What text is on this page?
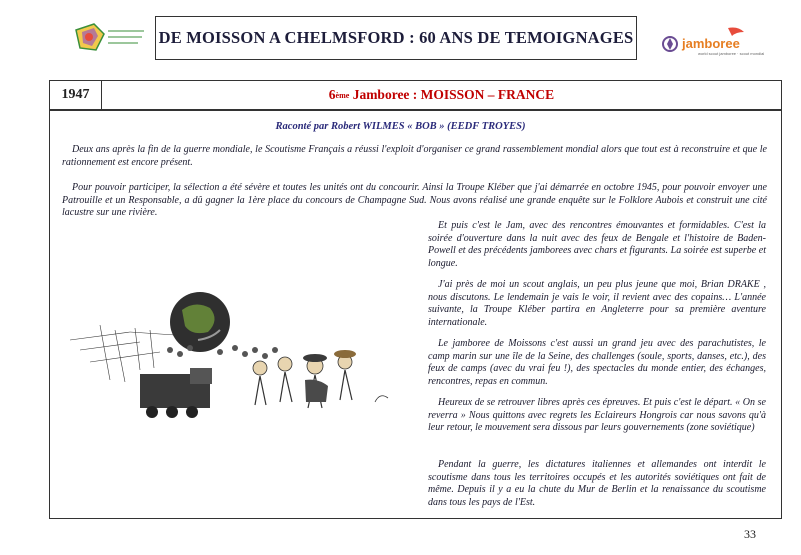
DE MOISSON A CHELMSFORD : 60 ANS DE TEMOIGNAGES	jamboree
world scout jamboree · scout mondial
1947	6 ème Jamboree : MOISSON – FRANCE
Raconté par Robert WILMES « BOB » (EEDF TROYES)

Deux ans après la fin de la guerre mondiale, le Scoutisme Français a réussi l'exploit d'organiser ce grand rassemblement mondial alors que tout est à reconstruire et que le rationnement est encore présent.

Pour pouvoir participer, la sélection a été sévère et toutes les unités ont du concourir. Ainsi la Troupe Kléber que j'ai démarrée en octobre 1945, pour pouvoir envoyer une Patrouille et un Responsable, a dû gagner la 1ère place du concours de Champagne Sud. Nous avons réalisé une grande enquête sur le Folklore Aubois et construit une cité lacustre sur une rivière.

Et puis c'est le Jam, avec des rencontres émouvantes et formidables. C'est la soirée d'ouverture dans la nuit avec des feux de Bengale et l'histoire de Baden-Powell et des précédents jamborees avec chars et figurants. La soirée est superbe et longue.

J'ai près de moi un scout anglais, un peu plus jeune que moi, Brian DRAKE , nous discutons. Le lendemain je vais le voir, il revient avec des copains… L'année suivante, la Troupe Kléber partira en Angleterre pour sa première aventure internationale.

Le jamboree de Moissons c'est aussi un grand jeu avec des parachutistes, le camp marin sur une île de la Seine, des challenges (soule, sports, danses, etc.), des feux de camps (avec du vrai feu !), des spectacles du monde entier, des échanges, rencontres, repas en commun.

Heureux de se retrouver libres après ces épreuves. Et puis c'est le départ. « On se reverra » Nous quittons avec regrets les Eclaireurs Hongrois car nous savons qu'à leur retour, le mouvement sera dissous par leurs gouvernements (zone soviétique)

Pendant la guerre, les dictatures italiennes et allemandes ont interdit le scoutisme dans tous les territoires occupés et les autorités soviétiques ont fait de même. Depuis il y a eu la chute du Mur de Berlin et la renaissance du scoutisme dans tous les pays de l'Est.

33
